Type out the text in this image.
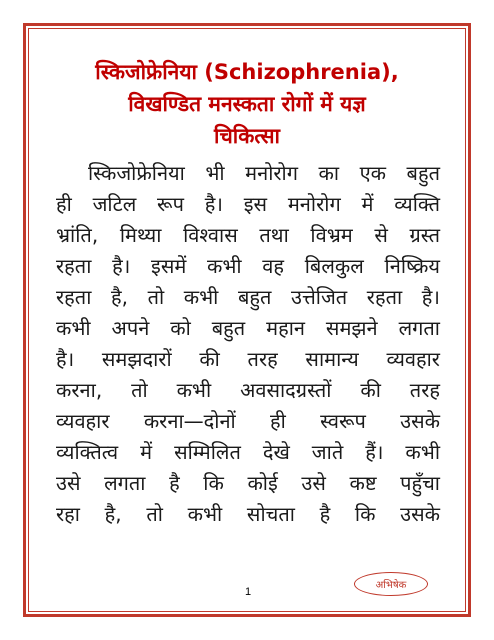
स्किजोफ्रेनिया (Schizophrenia),
विखण्डित मनस्कता रोगों में यज्ञ
चिकित्सा
स्किजोफ्रेनिया भी मनोरोग का एक बहुत
ही जटिल रूप है। इस मनोरोग में व्यक्ति
भ्रांति, मिथ्या विश्वास तथा विभ्रम से ग्रस्त
रहता है। इसमें कभी वह बिलकुल निष्क्रिय
रहता है, तो कभी बहुत उत्तेजित रहता है।
कभी अपने को बहुत महान समझने लगता
है। समझदारों की तरह सामान्य व्यवहार
करना, तो कभी अवसादग्रस्तों की तरह
व्यवहार करना—दोनों ही स्वरूप उसके
व्यक्तित्व में सम्मिलित देखे जाते हैं। कभी
उसे लगता है कि कोई उसे कष्ट पहुँचा
रहा है, तो कभी सोचता है कि उसके
1
अभिषेक
